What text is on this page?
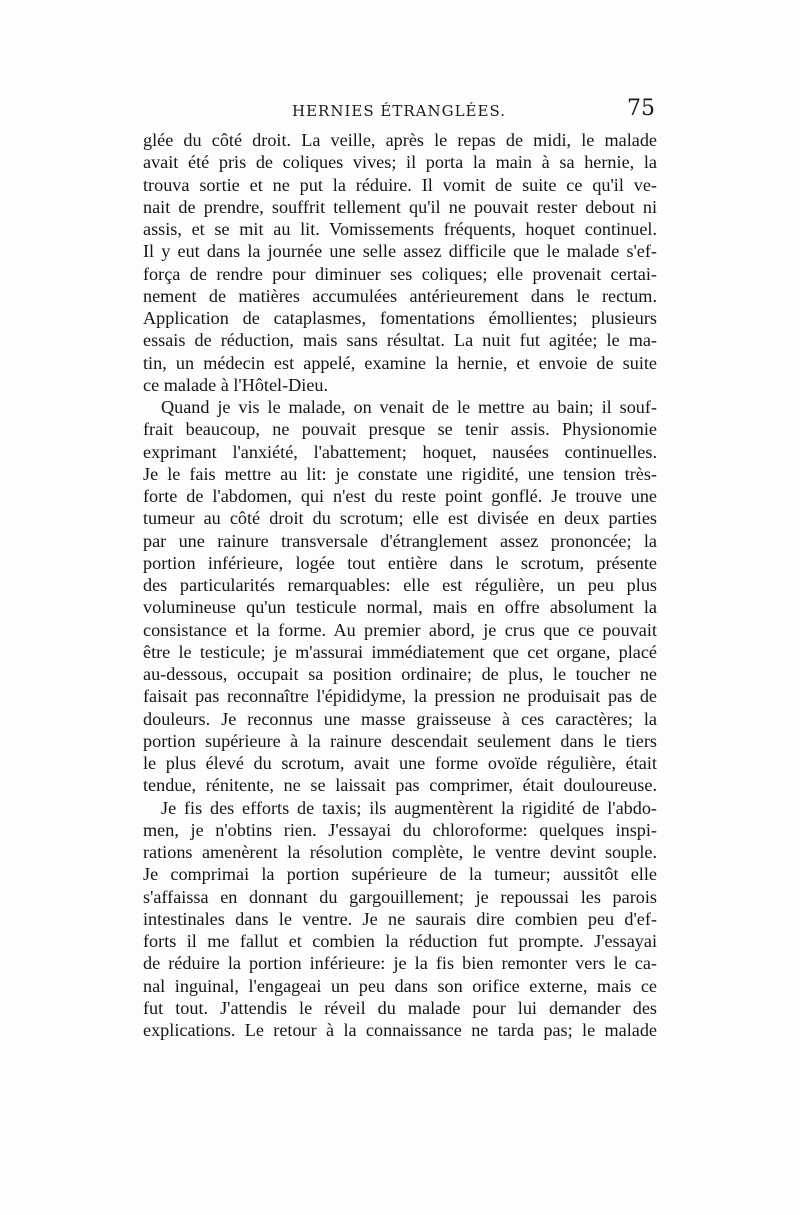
HERNIES ÉTRANGLÉES.	75
glée du côté droit. La veille, après le repas de midi, le malade
avait été pris de coliques vives; il porta la main à sa hernie, la
trouva sortie et ne put la réduire. Il vomit de suite ce qu'il ve-
nait de prendre, souffrit tellement qu'il ne pouvait rester debout ni
assis, et se mit au lit. Vomissements fréquents, hoquet continuel.
Il y eut dans la journée une selle assez difficile que le malade s'ef-
força de rendre pour diminuer ses coliques; elle provenait certai-
nement de matières accumulées antérieurement dans le rectum.
Application de cataplasmes, fomentations émollientes; plusieurs
essais de réduction, mais sans résultat. La nuit fut agitée; le ma-
tin, un médecin est appelé, examine la hernie, et envoie de suite
ce malade à l'Hôtel-Dieu.
Quand je vis le malade, on venait de le mettre au bain; il souf-
frait beaucoup, ne pouvait presque se tenir assis. Physionomie
exprimant l'anxiété, l'abattement; hoquet, nausées continuelles.
Je le fais mettre au lit: je constate une rigidité, une tension très-
forte de l'abdomen, qui n'est du reste point gonflé. Je trouve une
tumeur au côté droit du scrotum; elle est divisée en deux parties
par une rainure transversale d'étranglement assez prononcée; la
portion inférieure, logée tout entière dans le scrotum, présente
des particularités remarquables: elle est régulière, un peu plus
volumineuse qu'un testicule normal, mais en offre absolument la
consistance et la forme. Au premier abord, je crus que ce pouvait
être le testicule; je m'assurai immédiatement que cet organe, placé
au-dessous, occupait sa position ordinaire; de plus, le toucher ne
faisait pas reconnaître l'épididyme, la pression ne produisait pas de
douleurs. Je reconnus une masse graisseuse à ces caractères; la
portion supérieure à la rainure descendait seulement dans le tiers
le plus élevé du scrotum, avait une forme ovoïde régulière, était
tendue, rénitente, ne se laissait pas comprimer, était douloureuse.
Je fis des efforts de taxis; ils augmentèrent la rigidité de l'abdo-
men, je n'obtins rien. J'essayai du chloroforme: quelques inspi-
rations amenèrent la résolution complète, le ventre devint souple.
Je comprimai la portion supérieure de la tumeur; aussitôt elle
s'affaissa en donnant du gargouillement; je repoussai les parois
intestinales dans le ventre. Je ne saurais dire combien peu d'ef-
forts il me fallut et combien la réduction fut prompte. J'essayai
de réduire la portion inférieure: je la fis bien remonter vers le ca-
nal inguinal, l'engageai un peu dans son orifice externe, mais ce
fut tout. J'attendis le réveil du malade pour lui demander des
explications. Le retour à la connaissance ne tarda pas; le malade
